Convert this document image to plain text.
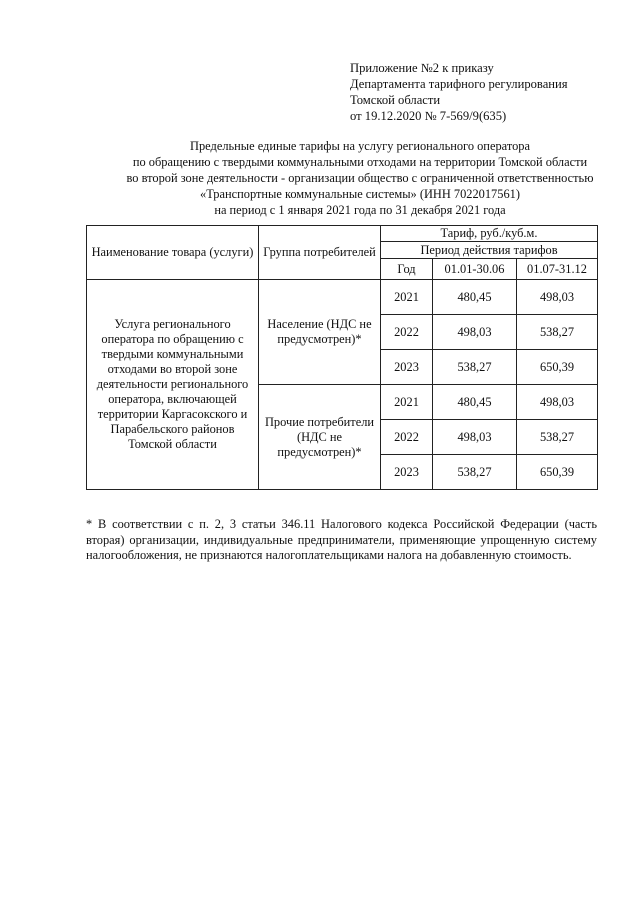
Приложение №2 к приказу
Департамента тарифного регулирования
Томской области
от 19.12.2020 № 7-569/9(635)
Предельные единые тарифы на услугу регионального оператора
по обращению с твердыми коммунальными отходами на территории Томской области
во второй зоне деятельности - организации общество с ограниченной ответственностью
«Транспортные коммунальные системы» (ИНН 7022017561)
на период с 1 января 2021 года по 31 декабря 2021 года
Наименование товара (услуги)	Группа потребителей	Тариф, руб./куб.м.		
		Период действия тарифов		
		Год	01.01-30.06	01.07-31.12
Услуга регионального оператора по обращению с твердыми коммунальными отходами во второй зоне деятельности регионального оператора, включающей территории Каргасокского и Парабельского районов Томской области	Население (НДС не предусмотрен)*	2021	480,45	498,03
		2022	498,03	538,27
		2023	538,27	650,39
	Прочие потребители (НДС не предусмотрен)*	2021	480,45	498,03
		2022	498,03	538,27
		2023	538,27	650,39
* В соответствии с п. 2, 3 статьи 346.11 Налогового кодекса Российской Федерации (часть вторая) организации, индивидуальные предприниматели, применяющие упрощенную систему налогообложения, не признаются налогоплательщиками налога на добавленную стоимость.
